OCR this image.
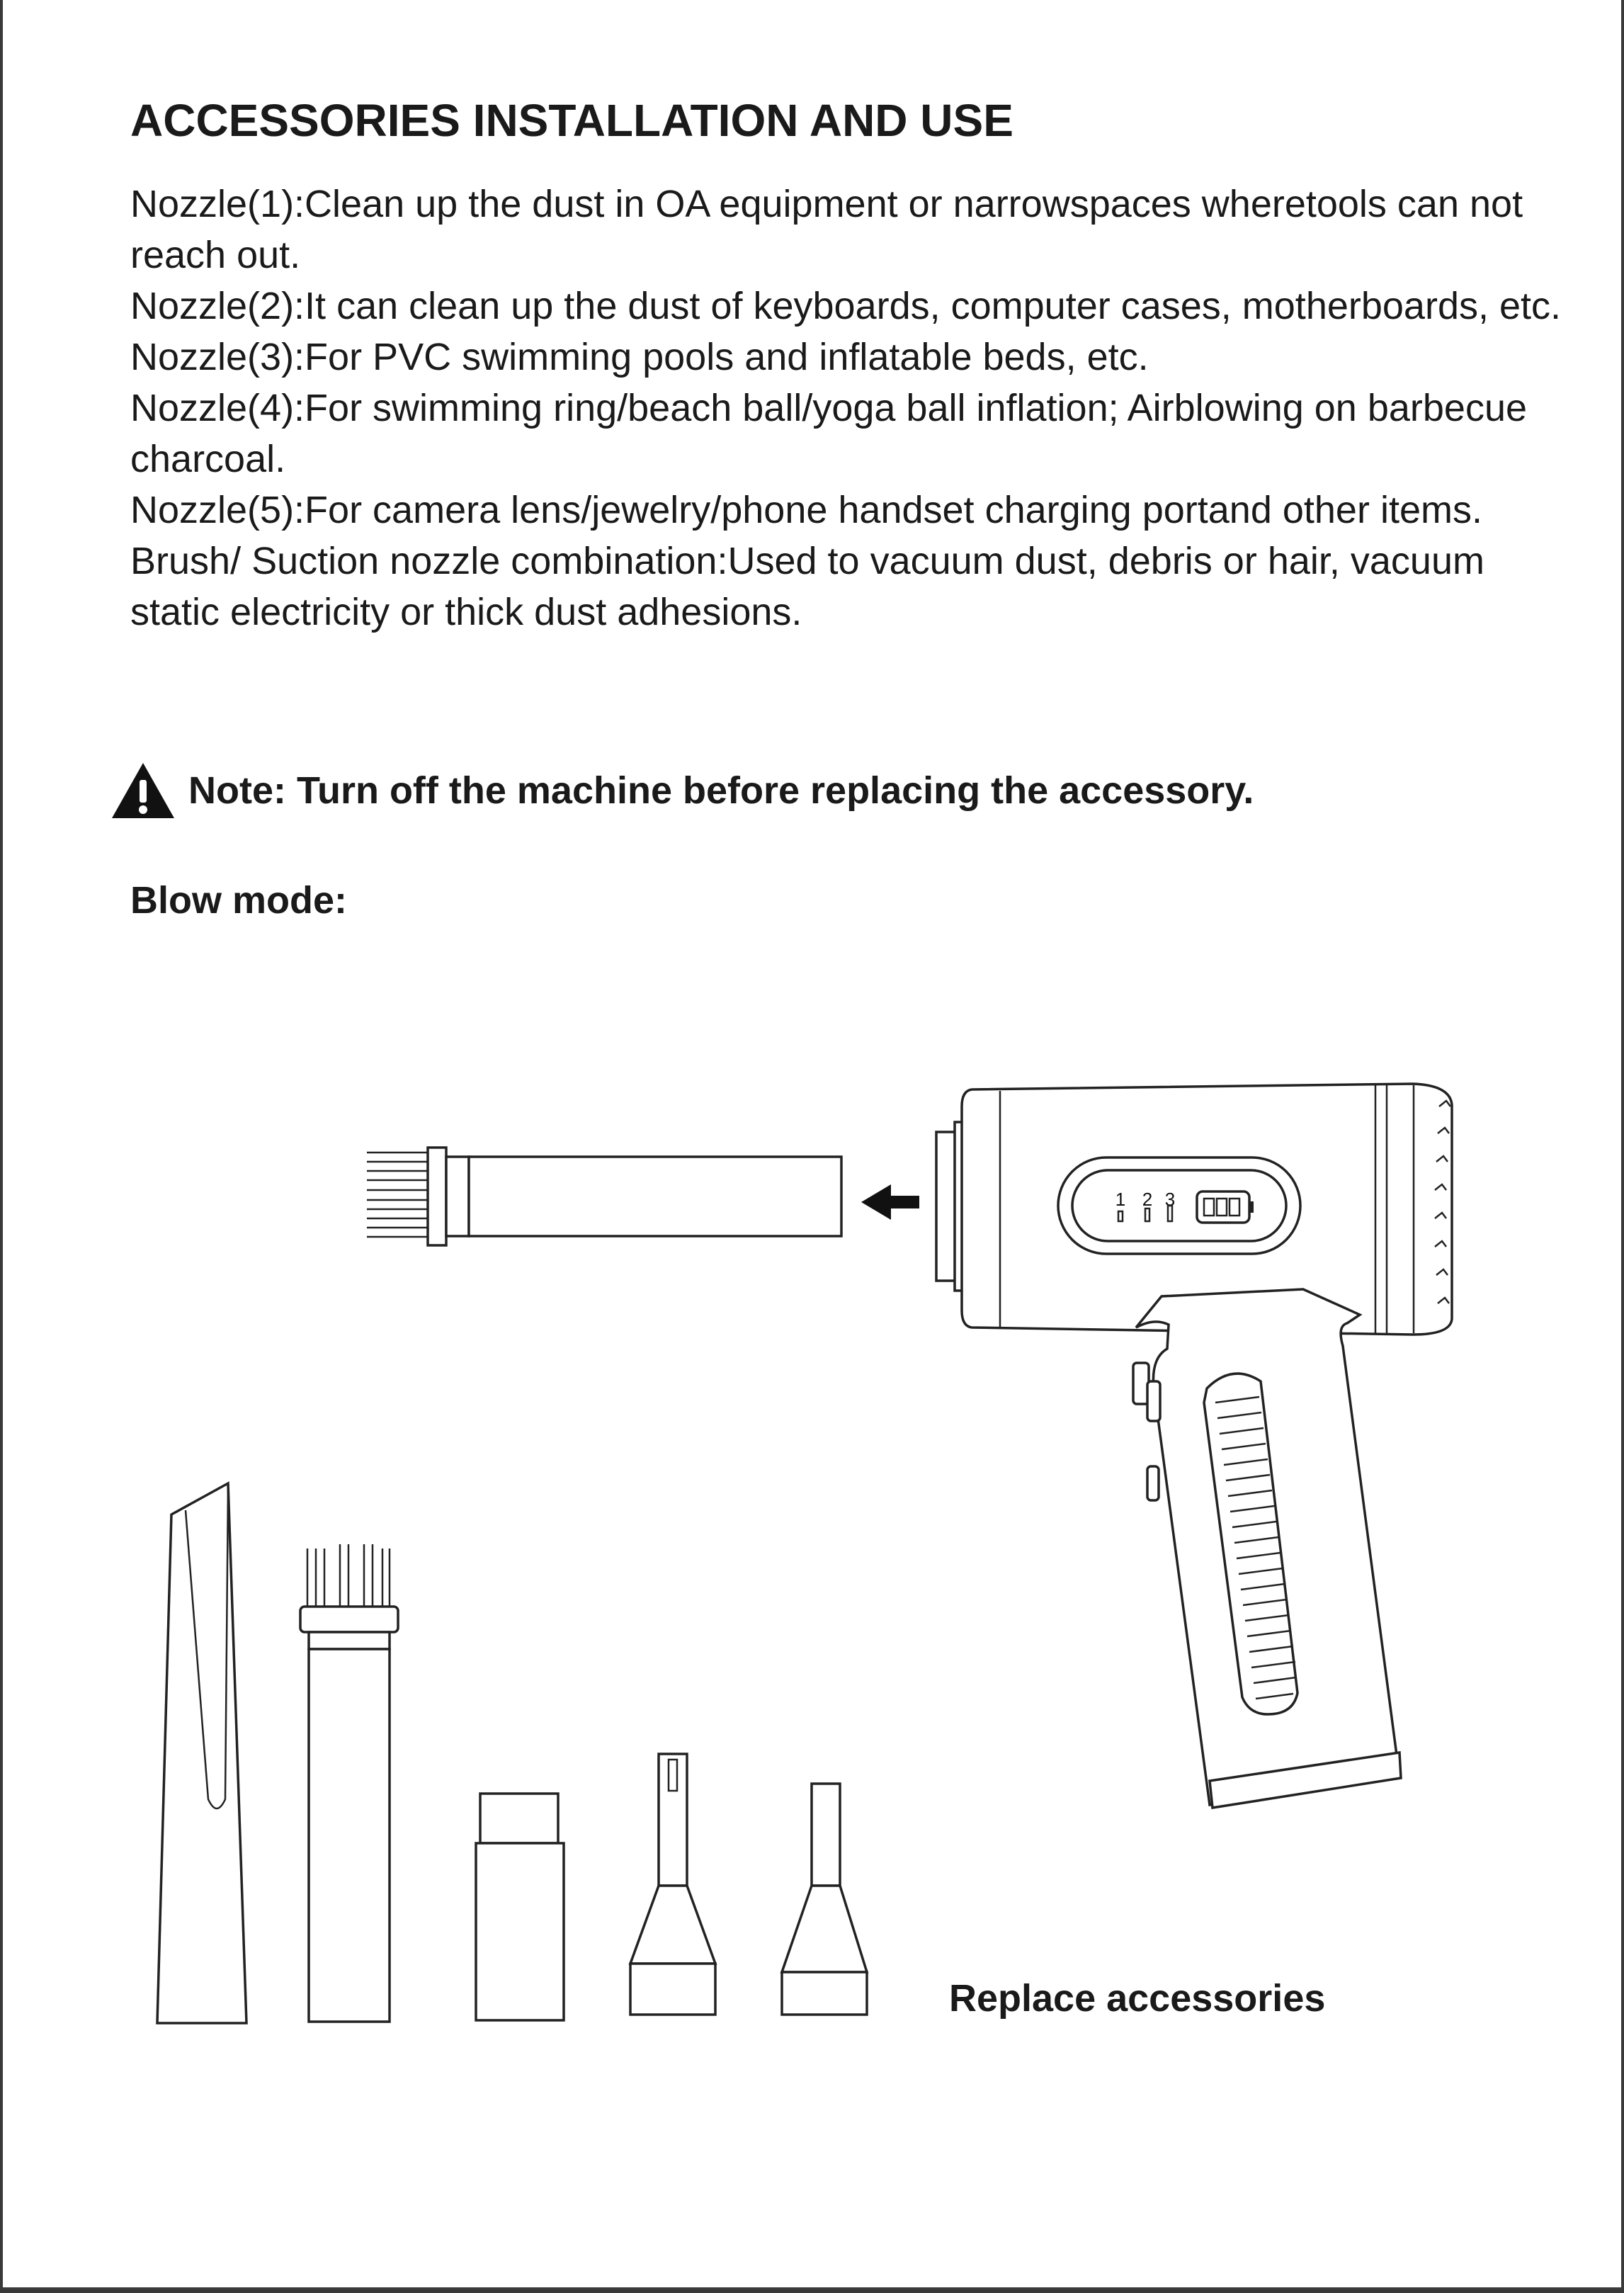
ACCESSORIES INSTALLATION AND USE

Nozzle(1):Clean up the dust in OA equipment or narrowspaces wheretools can not reach out.

Nozzle(2):It can clean up the dust of keyboards, computer cases, motherboards, etc.

Nozzle(3):For PVC swimming pools and inflatable beds, etc.

Nozzle(4):For swimming ring/beach ball/yoga ball inflation; Airblowing on barbecue charcoal.

Nozzle(5):For camera lens/jewelry/phone handset charging portand other items.

Brush/ Suction nozzle combination:Used to vacuum dust, debris or hair, vacuum static electricity or thick dust adhesions.

Note: Turn off the machine before replacing the accessory.
Blow mode:
1 2 3
Replace accessories
